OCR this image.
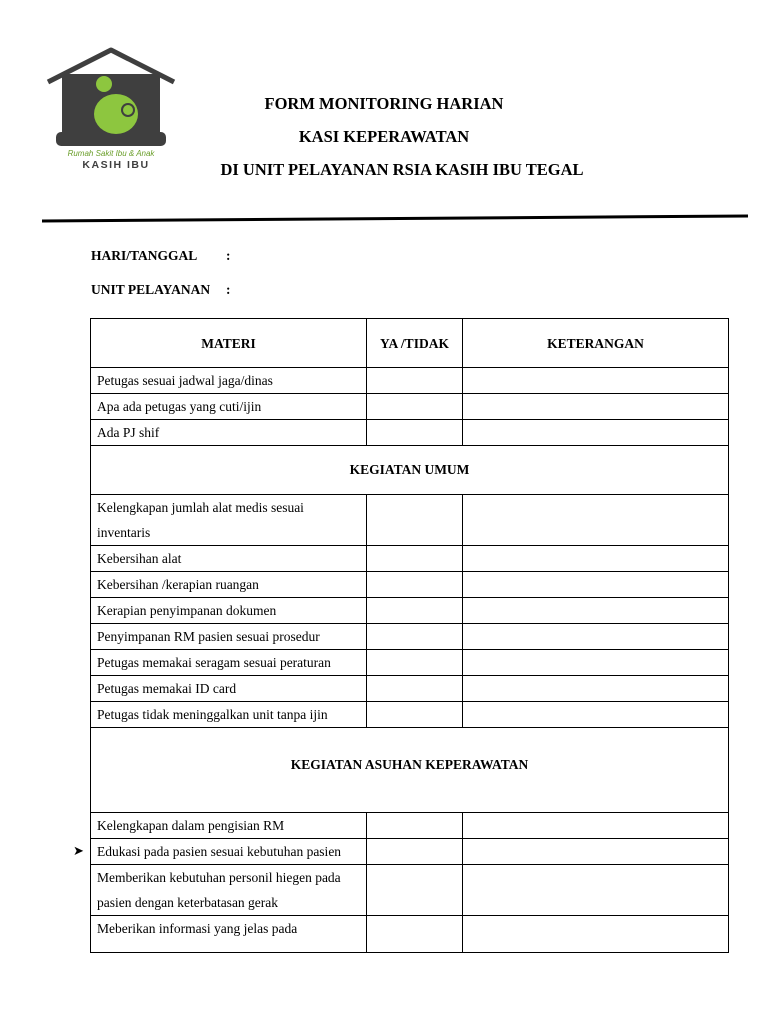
Rumah Sakit Ibu & Anak
KASIH IBU
FORM MONITORING HARIAN
KASI KEPERAWATAN
DI UNIT PELAYANAN RSIA KASIH IBU TEGAL
HARI/TANGGAL :
UNIT PELAYANAN :
➤
MATERI	YA /TIDAK	KETERANGAN
Petugas sesuai jadwal jaga/dinas		
Apa ada petugas yang cuti/ijin		
Ada PJ shif		
KEGIATAN UMUM		
Kelengkapan jumlah alat medis sesuai inventaris		
Kebersihan alat		
Kebersihan /kerapian ruangan		
Kerapian penyimpanan dokumen		
Penyimpanan RM pasien sesuai prosedur		
Petugas memakai seragam sesuai peraturan		
Petugas memakai ID card		
Petugas tidak meninggalkan unit tanpa ijin		
KEGIATAN ASUHAN KEPERAWATAN		
Kelengkapan dalam pengisian RM		
Edukasi pada pasien sesuai kebutuhan pasien		
Memberikan kebutuhan personil hiegen pada pasien dengan keterbatasan gerak		
Meberikan informasi yang jelas pada		
